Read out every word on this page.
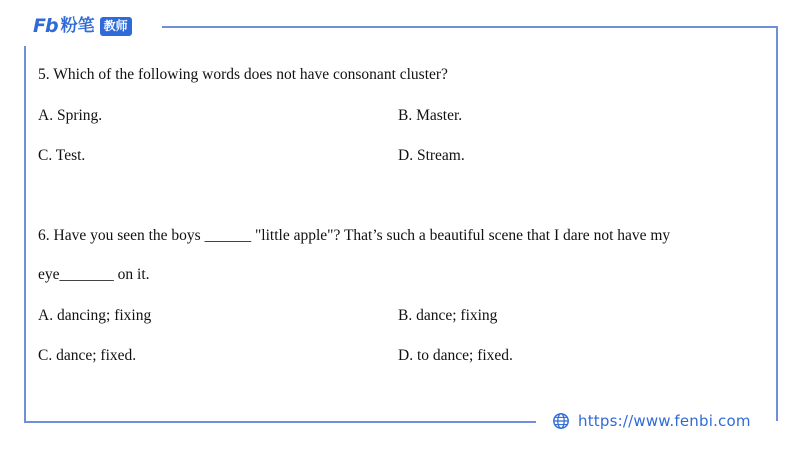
Fb 粉笔 教师
5. Which of the following words does not have consonant cluster?
A. Spring.	B. Master.
C. Test.	D. Stream.
6. Have you seen the boys ______ "little apple"? That’s such a beautiful scene that I dare not have my
eye_______ on it.
A. dancing; fixing	B. dance; fixing
C. dance; fixed.	D. to dance; fixed.
https://www.fenbi.com
